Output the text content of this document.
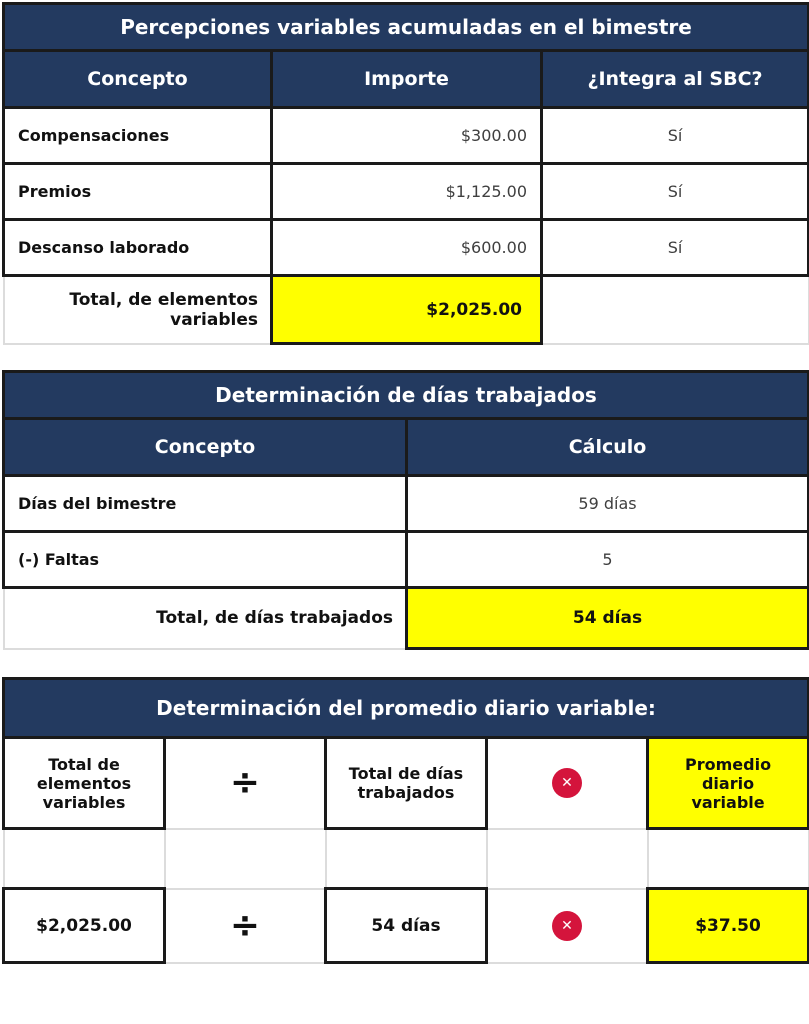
Percepciones variables acumuladas en el bimestre		
Concepto	Importe	¿Integra al SBC?
Compensaciones	$300.00	Sí
Premios	$1,125.00	Sí
Descanso laborado	$600.00	Sí
Total, de elementos variables	$2,025.00	
Determinación de días trabajados	
Concepto	Cálculo
Días del bimestre	59 días
(-) Faltas	5
Total, de días trabajados	54 días
Determinación del promedio diario variable:				
Total de elementos variables	÷	Total de días trabajados	✕	Promedio diario variable

$2,025.00	÷	54 días	✕	$37.50
